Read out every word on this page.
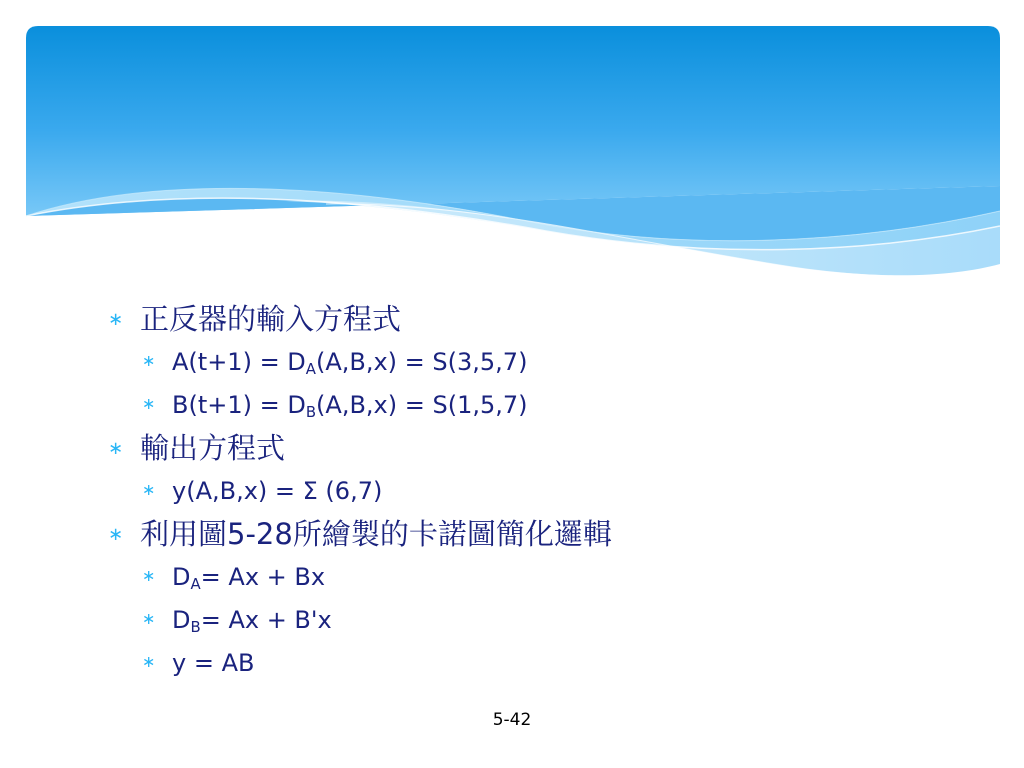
∗ 正反器的輸入方程式
∗ $A(t+1) = D_A(A,B,x) = S(3,5,7)$
∗ $B(t+1) = D_B(A,B,x) = S(1,5,7)$
∗ 輸出方程式
∗ y(A,B,x) = Σ (6,7)
∗ 利用圖5-28所繪製的卡諾圖簡化邏輯
∗ $D_A= Ax + Bx$
∗ $D_B= Ax + B'x$
∗ y = AB
5-42
